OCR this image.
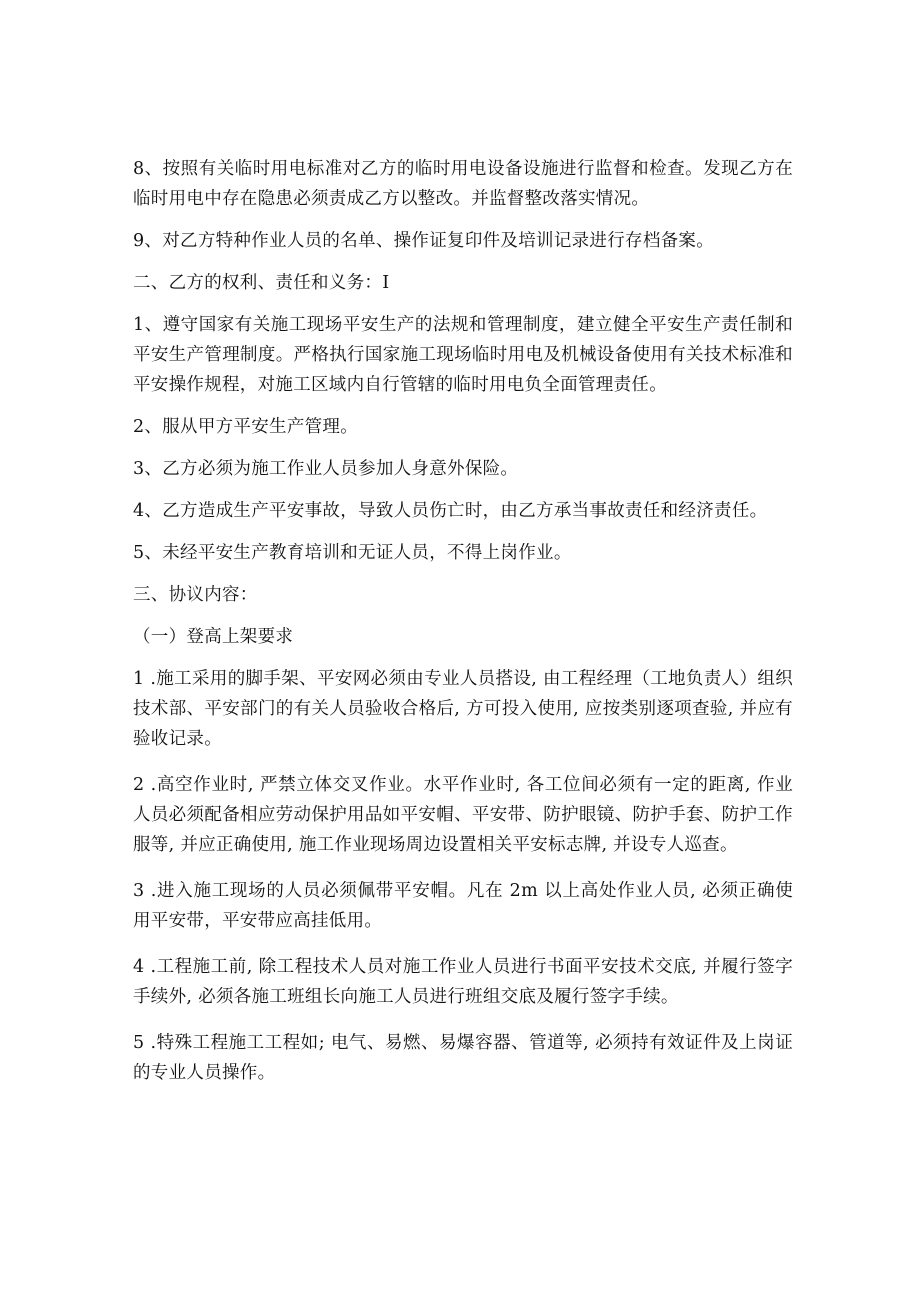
8、按照有关临时用电标准对乙方的临时用电设备设施进行监督和检查。发现乙方在临时用电中存在隐患必须责成乙方以整改。并监督整改落实情况。

9、对乙方特种作业人员的名单、操作证复印件及培训记录进行存档备案。

二、乙方的权利、责任和义务：I

1、遵守国家有关施工现场平安生产的法规和管理制度，建立健全平安生产责任制和平安生产管理制度。严格执行国家施工现场临时用电及机械设备使用有关技术标准和平安操作规程，对施工区域内自行管辖的临时用电负全面管理责任。

2、服从甲方平安生产管理。

3、乙方必须为施工作业人员参加人身意外保险。

4、乙方造成生产平安事故，导致人员伤亡时，由乙方承当事故责任和经济责任。

5、未经平安生产教育培训和无证人员，不得上岗作业。

三、协议内容：

（一）登高上架要求

1 .施工采用的脚手架、平安网必须由专业人员搭设, 由工程经理（工地负责人）组织技术部、平安部门的有关人员验收合格后, 方可投入使用, 应按类别逐项查验, 并应有验收记录。

2 .高空作业时, 严禁立体交叉作业。水平作业时, 各工位间必须有一定的距离, 作业人员必须配备相应劳动保护用品如平安帽、平安带、防护眼镜、防护手套、防护工作服等, 并应正确使用, 施工作业现场周边设置相关平安标志牌, 并设专人巡查。

3 .进入施工现场的人员必须佩带平安帽。凡在 2m 以上高处作业人员, 必须正确使用平安带，平安带应高挂低用。

4 .工程施工前, 除工程技术人员对施工作业人员进行书面平安技术交底, 并履行签字手续外, 必须各施工班组长向施工人员进行班组交底及履行签字手续。

5 .特殊工程施工工程如; 电气、易燃、易爆容器、管道等, 必须持有效证件及上岗证的专业人员操作。
